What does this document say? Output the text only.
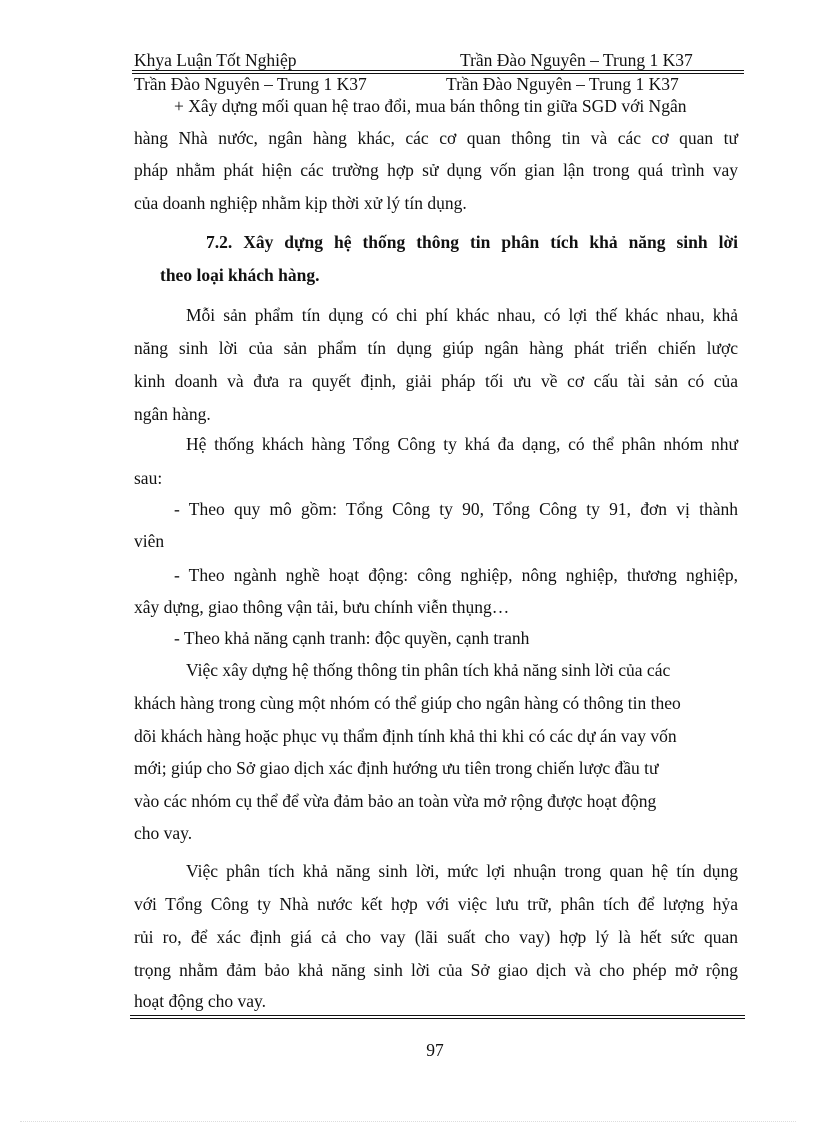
Khya Luận Tốt Nghiệp	Trần Đào Nguyên – Trung 1 K37
Trần Đào Nguyên – Trung 1 K37	Trần Đào Nguyên – Trung 1 K37
+ Xây dựng mối quan hệ trao đổi, mua bán thông tin giữa SGD với Ngân
hàng Nhà nước, ngân hàng khác, các cơ quan thông tin và các cơ quan tư
pháp nhằm phát hiện các trường hợp sử dụng vốn gian lận trong quá trình vay
của doanh nghiệp nhằm kịp thời xử lý tín dụng.
7.2. Xây dựng hệ thống thông tin phân tích khả năng sinh lời
theo loại khách hàng.
Mỗi sản phẩm tín dụng có chi phí khác nhau, có lợi thế khác nhau, khả
năng sinh lời của sản phẩm tín dụng giúp ngân hàng phát triển chiến lược
kinh doanh và đưa ra quyết định, giải pháp tối ưu về cơ cấu tài sản có của
ngân hàng.
Hệ thống khách hàng Tổng Công ty khá đa dạng, có thể phân nhóm như
sau:
- Theo quy mô gồm: Tổng Công ty 90, Tổng Công ty 91, đơn vị thành
viên
- Theo ngành nghề hoạt động: công nghiệp, nông nghiệp, thương nghiệp,
xây dựng, giao thông vận tải, bưu chính viễn thụng…
- Theo khả năng cạnh tranh: độc quyền, cạnh tranh
Việc xây dựng hệ thống thông tin phân tích khả năng sinh lời của các
khách hàng trong cùng một nhóm có thể giúp cho ngân hàng có thông tin theo
dõi khách hàng hoặc phục vụ thẩm định tính khả thi khi có các dự án vay vốn
mới; giúp cho Sở giao dịch xác định hướng ưu tiên trong chiến lược đầu tư
vào các nhóm cụ thể để vừa đảm bảo an toàn vừa mở rộng được hoạt động
cho vay.
Việc phân tích khả năng sinh lời, mức lợi nhuận trong quan hệ tín dụng
với Tổng Công ty Nhà nước kết hợp với việc lưu trữ, phân tích để lượng hỷa
rủi ro, để xác định giá cả cho vay (lãi suất cho vay) hợp lý là hết sức quan
trọng nhằm đảm bảo khả năng sinh lời của Sở giao dịch và cho phép mở rộng
hoạt động cho vay.
97
